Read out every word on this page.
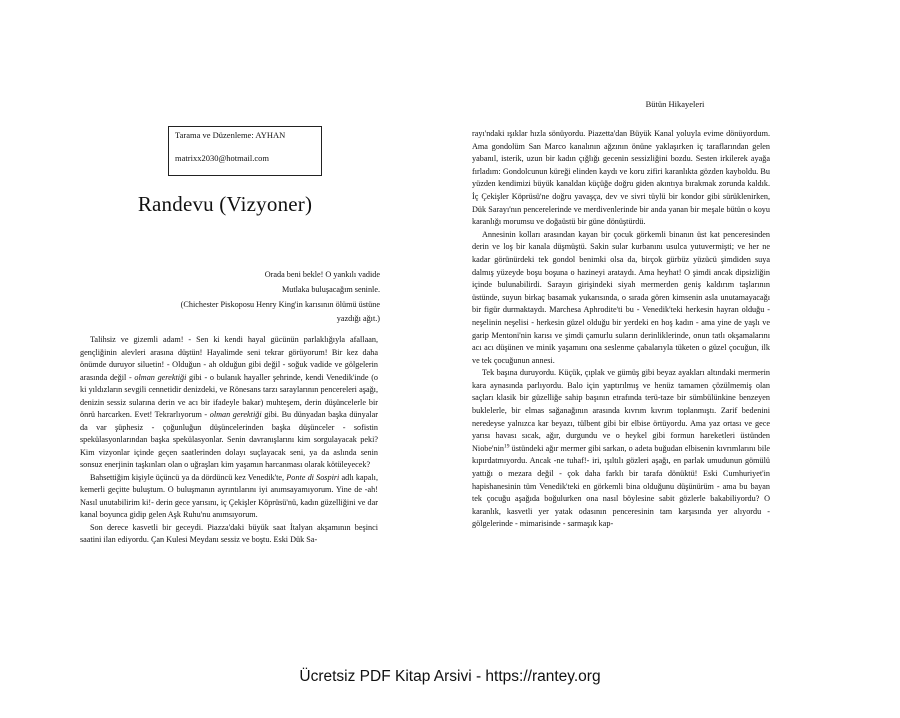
Tarama ve Düzenleme: AYHAN
matrixx2030@hotmail.com
Randevu (Vizyoner)
Orada beni bekle! O yankılı vadide
Mutlaka buluşacağım seninle.
(Chichester Piskoposu Henry King'in karısının ölümü üstüne
yazdığı ağıt.)

Talihsiz ve gizemli adam! - Sen ki kendi hayal gücünün parlaklığıyla afallaan, gençliğinin alevleri arasına düştün! Hayalimde seni tekrar görüyorum! Bir kez daha önümde duruyor siluetin! - Olduğun - ah olduğun gibi değil - soğuk vadide ve gölgelerin arasında değil - olman gerektiği gibi - o bulanık hayaller şehrinde, kendi Venedik'inde (o ki yıldızların sevgili cennetidir denizdeki, ve Rönesans tarzı saraylarının pencereleri aşağı, denizin sessiz sularına derin ve acı bir ifadeyle bakar) muhteşem, derin düşüncelerle bir önrü harcarken. Evet! Tekrarlıyorum - olman gerektiği gibi. Bu dünyadan başka dünyalar da var şüphesiz - çoğunluğun düşüncelerinden başka düşünceler - sofistin spekülasyonlarından başka spekülasyonlar. Senin davranışlarını kim sorgulayacak peki? Kim vizyonlar içinde geçen saatlerinden dolayı suçlayacak seni, ya da aslında senin sonsuz enerjinin taşkınları olan o uğraşları kim yaşamın harcanması olarak kötüleyecek?

Bahsettiğim kişiyle üçüncü ya da dördüncü kez Venedik'te, Ponte di Sospiri adlı kapalı, kemerli geçitte buluştum. O buluşmanın ayrıntılarını iyi anımsayamıyorum. Yine de -ah! Nasıl unutabilirim ki!- derin gece yarısını, iç Çekişler Köprüsü'nü, kadın güzelliğini ve dar kanal boyunca gidip gelen Aşk Ruhu'nu anımsıyorum.

Son derece kasvetli bir geceydi. Piazza'daki büyük saat İtalyan akşamının beşinci saatini ilan ediyordu. Çan Kulesi Meydanı sessiz ve boştu. Eski Dük Sa-

Bütün Hikayeleri

rayı'ndaki ışıklar hızla sönüyordu. Piazetta'dan Büyük Kanal yoluyla evime dönüyordum. Ama gondolüm San Marco kanalının ağzının önüne yaklaşırken iç taraflarından gelen yabanıl, isterik, uzun bir kadın çığlığı gecenin sessizliğini bozdu. Sesten irkilerek ayağa fırladım: Gondolcunun küreği elinden kaydı ve koru zifiri karanlıkta gözden kayboldu. Bu yüzden kendimizi büyük kanaldan küçüğe doğru giden akıntıya bırakmak zorunda kaldık. İç Çekişler Köprüsü'ne doğru yavaşça, dev ve sivri tüylü bir kondor gibi sürüklenirken, Dük Sarayı'nın pencerelerinde ve merdivenlerinde bir anda yanan bir meşale bütün o koyu karanlığı morumsu ve doğaüstü bir güne dönüştürdü.

Annesinin kolları arasından kayan bir çocuk görkemli binanın üst kat penceresinden derin ve loş bir kanala düşmüştü. Sakin sular kurbanını usulca yutuvermişti; ve her ne kadar görünürdeki tek gondol benimki olsa da, birçok gürbüz yüzücü şimdiden suya dalmış yüzeyde boşu boşuna o hazineyi arataydı. Ama heyhat! O şimdi ancak dipsizliğin içinde bulunabilirdi. Sarayın girişindeki siyah mermerden geniş kaldırım taşlarının üstünde, suyun birkaç basamak yukarısında, o sırada gören kimsenin asla unutamayacağı bir figür durmaktaydı. Marchesa Aphrodite'ti bu - Venedik'teki herkesin hayran olduğu - neşelinin neşelisi - herkesin güzel olduğu bir yerdeki en hoş kadın - ama yine de yaşlı ve garip Mentoni'nin karısı ve şimdi çamurlu suların derinliklerinde, onun tatlı okşamalarını acı acı düşünen ve minik yaşamını ona seslenme çabalarıyla tüketen o güzel çocuğun, ilk ve tek çocuğunun annesi.

Tek başına duruyordu. Küçük, çıplak ve gümüş gibi beyaz ayakları altındaki mermerin kara aynasında parlıyordu. Balo için yaptırılmış ve henüz tamamen çözülmemiş olan saçları klasik bir güzelliğe sahip başının etrafında terü-taze bir sümbülünkine benzeyen buklelerle, bir elmas sağanağının arasında kıvrım kıvrım toplanmıştı. Zarif bedenini neredeyse yalnızca kar beyazı, tülbent gibi bir elbise örtüyordu. Ama yaz ortası ve gece yarısı havası sıcak, ağır, durgundu ve o heykel gibi formun hareketleri üstünden Niobe'nin$^{19}$ üstündeki ağır mermer gibi sarkan, o adeta buğudan elbisenin kıvrımlarını bile kıpırdatmıyordu. Ancak -ne tuhaf!- iri, ışıltılı gözleri aşağı, en parlak umudunun gömülü yattığı o mezara değil - çok daha farklı bir tarafa dönüktü! Eski Cumhuriyet'in hapishanesinin tüm Venedik'teki en görkemli bina olduğunu düşünürüm - ama bu bayan tek çocuğu aşağıda boğulurken ona nasıl böylesine sabit gözlerle bakabiliyordu? O karanlık, kasvetli yer yatak odasının penceresinin tam karşısında yer alıyordu - gölgelerinde - mimarisinde - sarmaşık kap-

Ücretsiz PDF Kitap Arsivi - https://rantey.org
